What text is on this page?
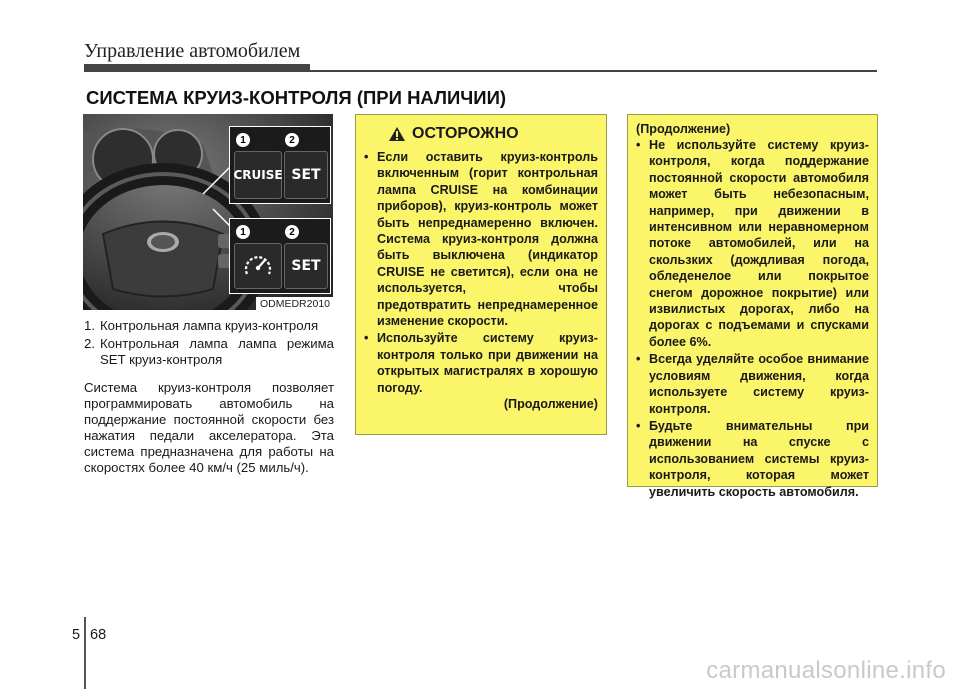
Управление автомобилем
СИСТЕМА КРУИЗ-КОНТРОЛЯ (ПРИ НАЛИЧИИ)
1	2
CRUISE SET
1	2
SET
ODMEDR2010
1. Контрольная лампа круиз-контроля
2. Контрольная лампа лампа режима SET круиз-контроля
Система круиз-контроля позволяет программировать автомобиль на поддержание постоянной скорости без нажатия педали акселератора. Эта система предназначена для работы на скоростях более 40 км/ч (25 миль/ч).
ОСТОРОЖНО
• Если оставить круиз-контроль включенным (горит контрольная лампа CRUISE на комбинации приборов), круиз-контроль может быть непреднамеренно включен. Система круиз-контроля должна быть выключена (индикатор CRUISE не светится), если она не используется, чтобы предотвратить непреднамеренное изменение скорости.
• Используйте систему круиз-контроля только при движении на открытых магистралях в хорошую погоду.
(Продолжение)
(Продолжение)
• Не используйте систему круиз-контроля, когда поддержание постоянной скорости автомобиля может быть небезопасным, например, при движении в интенсивном или неравномерном потоке автомобилей, или на скользких (дождливая погода, обледенелое или покрытое снегом дорожное покрытие) или извилистых дорогах, либо на дорогах с подъемами и спусками более 6%.
• Всегда уделяйте особое внимание условиям движения, когда используете систему круиз-контроля.
• Будьте внимательны при движении на спуске с использованием системы круиз-контроля, которая может увеличить скорость автомобиля.
5 68
carmanualsonline.info
